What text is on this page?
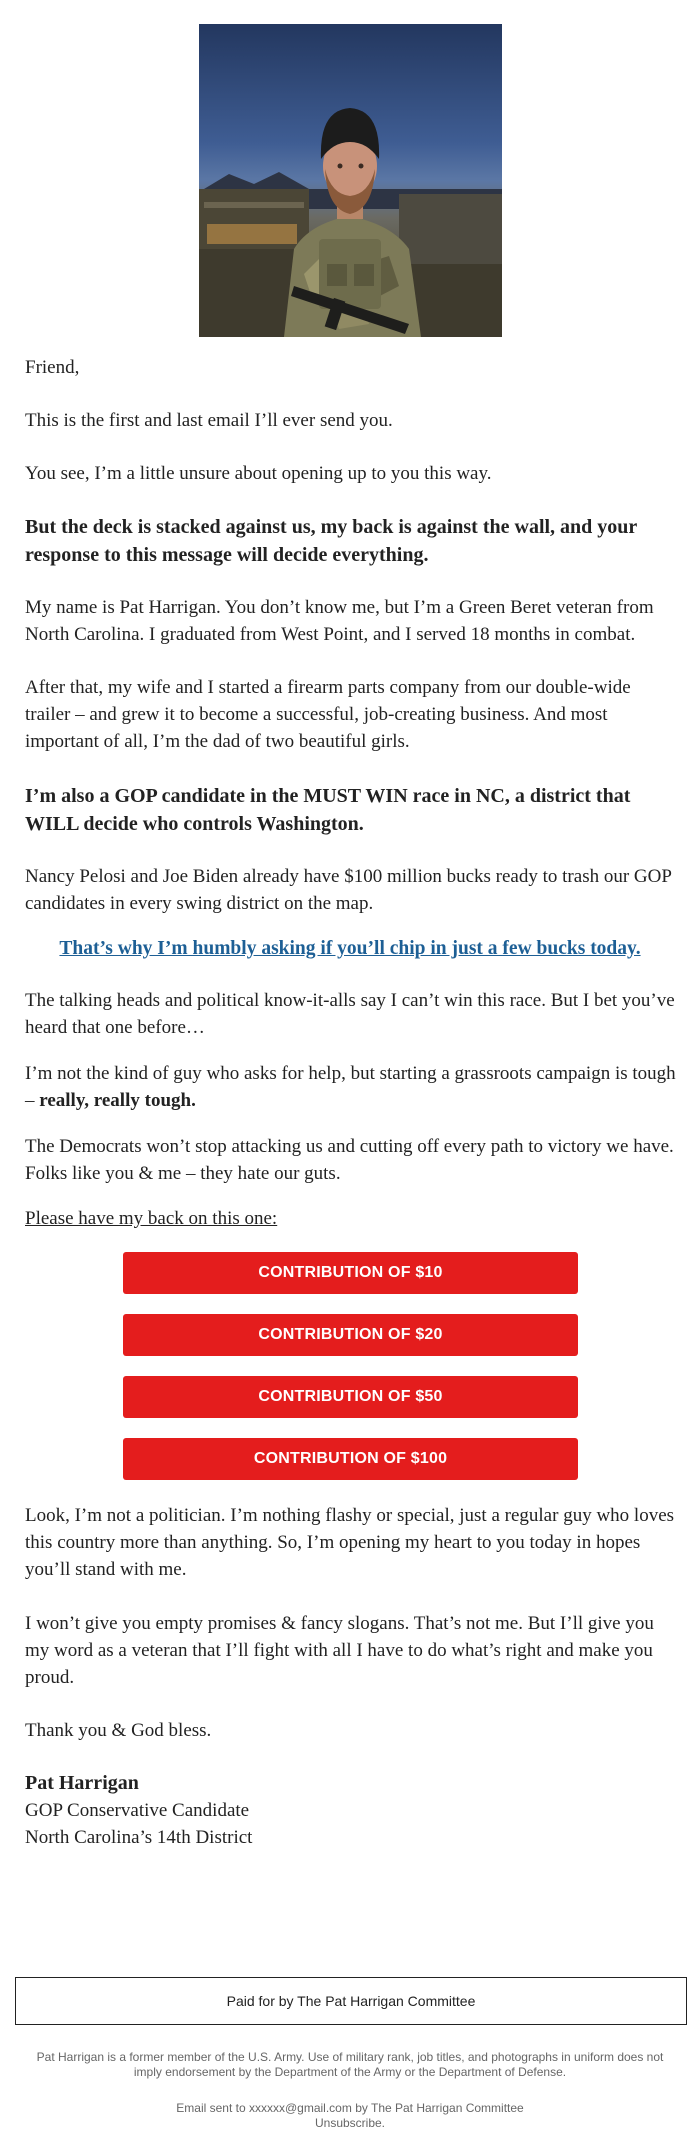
Friend,

This is the first and last email I’ll ever send you.

You see, I’m a little unsure about opening up to you this way.

But the deck is stacked against us, my back is against the wall, and your response to this message will decide everything.

My name is Pat Harrigan. You don’t know me, but I’m a Green Beret veteran from North Carolina. I graduated from West Point, and I served 18 months in combat.

After that, my wife and I started a firearm parts company from our double-wide trailer – and grew it to become a successful, job-creating business. And most important of all, I’m the dad of two beautiful girls.

I’m also a GOP candidate in the MUST WIN race in NC, a district that WILL decide who controls Washington.

Nancy Pelosi and Joe Biden already have $100 million bucks ready to trash our GOP candidates in every swing district on the map.

That’s why I’m humbly asking if you’ll chip in just a few bucks today.

The talking heads and political know-it-alls say I can’t win this race. But I bet you’ve heard that one before…

I’m not the kind of guy who asks for help, but starting a grassroots campaign is tough – really, really tough.

The Democrats won’t stop attacking us and cutting off every path to victory we have. Folks like you & me – they hate our guts.

Please have my back on this one:

CONTRIBUTION OF $10
CONTRIBUTION OF $20
CONTRIBUTION OF $50
CONTRIBUTION OF $100

Look, I’m not a politician. I’m nothing flashy or special, just a regular guy who loves this country more than anything. So, I’m opening my heart to you today in hopes you’ll stand with me.

I won’t give you empty promises & fancy slogans. That’s not me. But I’ll give you my word as a veteran that I’ll fight with all I have to do what’s right and make you proud.

Thank you & God bless.

Pat Harrigan
GOP Conservative Candidate
North Carolina’s 14th District
Paid for by The Pat Harrigan Committee
Pat Harrigan is a former member of the U.S. Army. Use of military rank, job titles, and photographs in uniform does not imply endorsement by the Department of the Army or the Department of Defense.
Email sent to xxxxxx@gmail.com by The Pat Harrigan Committee
Unsubscribe.
